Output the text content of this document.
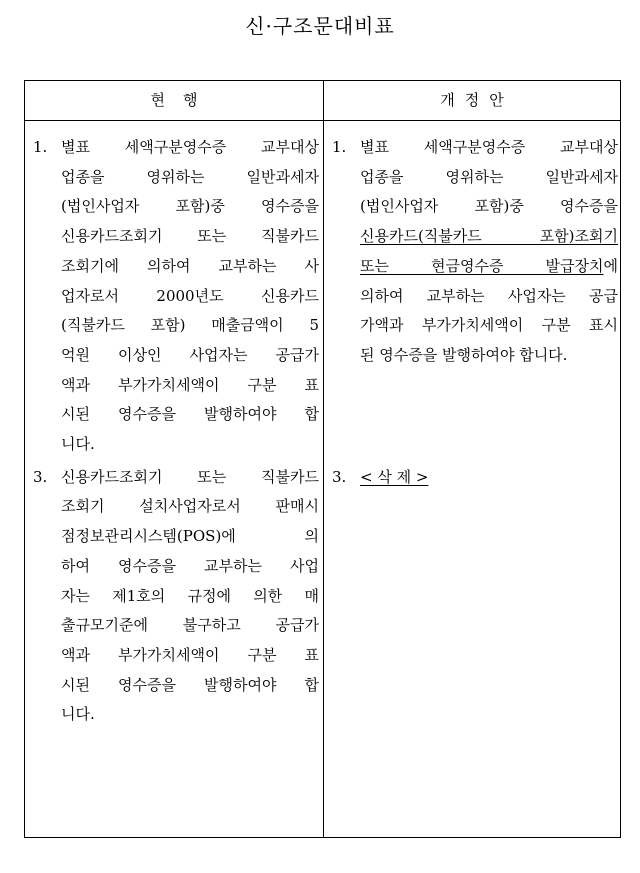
신·구조문대비표
현행	개정안
1. 별표 세액구분영수증 교부대상
업종을 영위하는 일반과세자
(법인사업자 포함)중 영수증을
신용카드조회기 또는 직불카드
조회기에 의하여 교부하는 사
업자로서 2000년도 신용카드
(직불카드 포함) 매출금액이 5
억원 이상인 사업자는 공급가
액과 부가가치세액이 구분 표
시된 영수증을 발행하여야 합
니다.
3. 신용카드조회기 또는 직불카드
조회기 설치사업자로서 판매시
점정보관리시스템(POS)에 의
하여 영수증을 교부하는 사업
자는 제1호의 규정에 의한 매
출규모기준에 불구하고 공급가
액과 부가가치세액이 구분 표
시된 영수증을 발행하여야 합
니다.
1. 별표 세액구분영수증 교부대상
업종을 영위하는 일반과세자
(법인사업자 포함)중 영수증을
신용카드(직불카드 포함)조회기
또는 현금영수증 발급장치에
의하여 교부하는 사업자는 공급
가액과 부가가치세액이 구분 표시
된 영수증을 발행하여야 합니다.
3. < 삭 제 >
